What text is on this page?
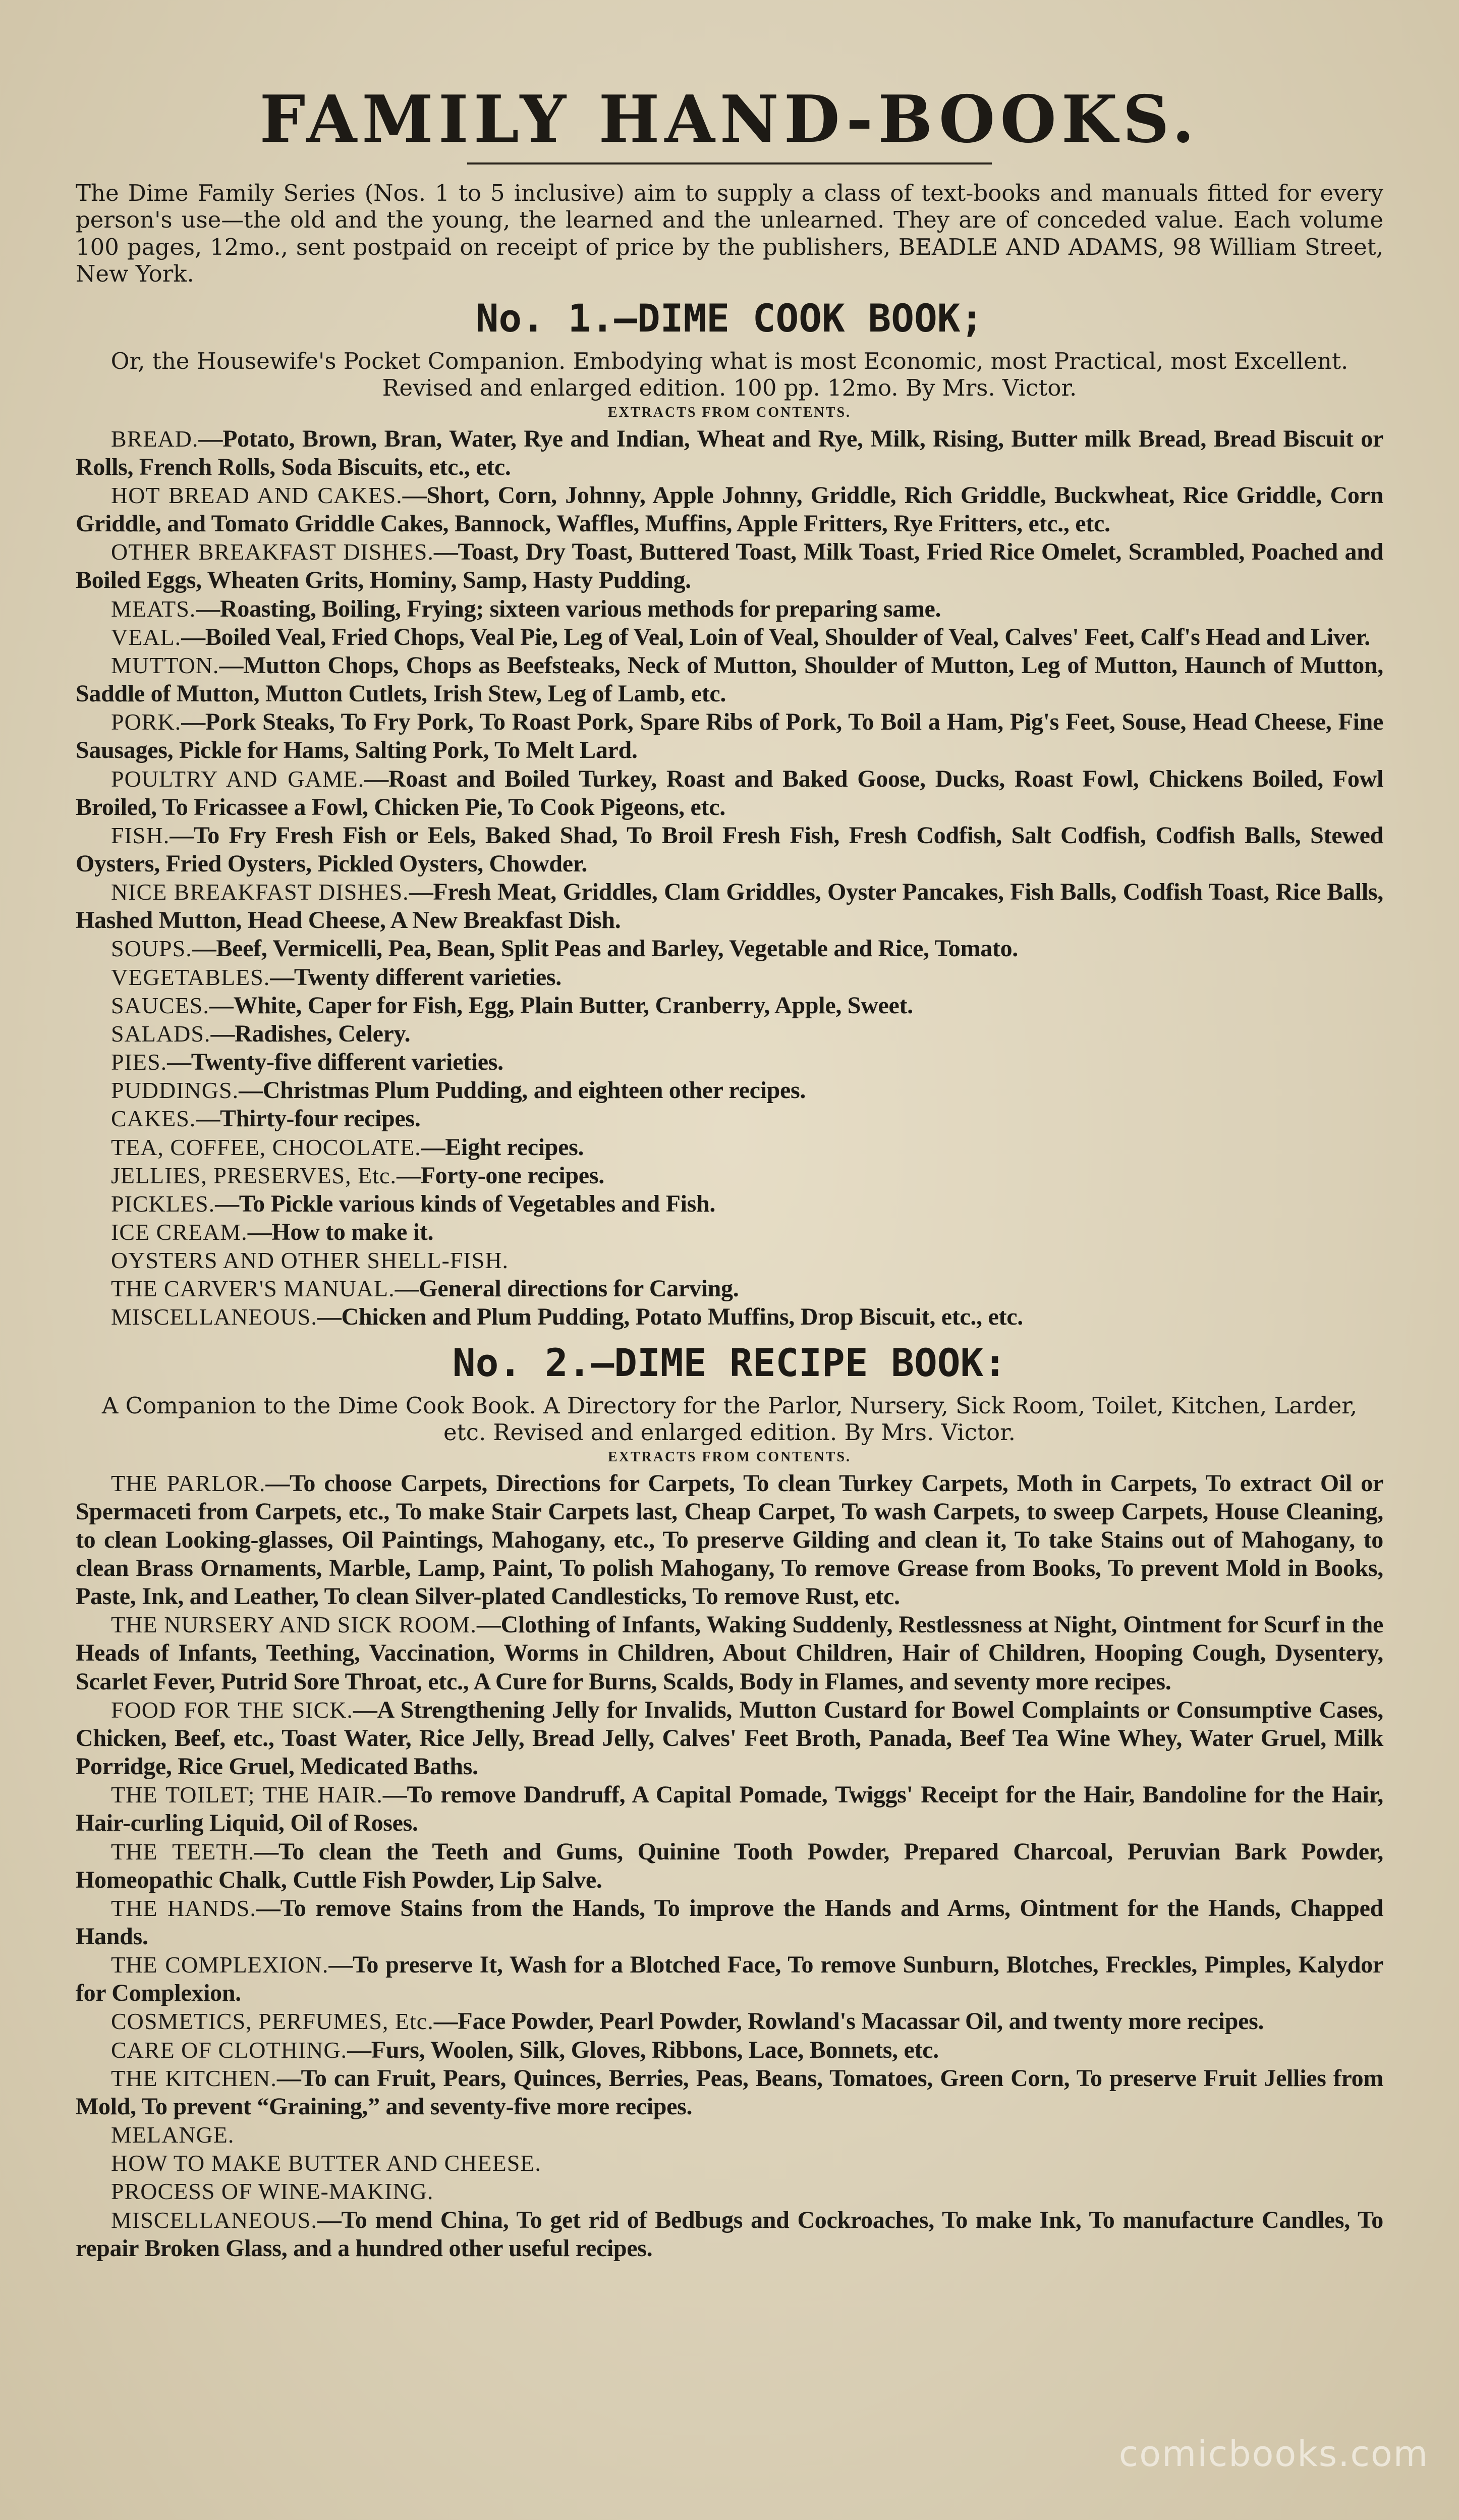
FAMILY HAND-BOOKS.

The Dime Family Series (Nos. 1 to 5 inclusive) aim to supply a class of text-books and manuals fitted for every person's use—the old and the young, the learned and the unlearned. They are of conceded value. Each volume 100 pages, 12mo., sent postpaid on receipt of price by the publishers, BEADLE AND ADAMS, 98 William Street, New York.

No. 1.—DIME COOK BOOK;

Or, the Housewife's Pocket Companion. Embodying what is most Economic, most Practical, most Excellent. Revised and enlarged edition. 100 pp. 12mo. By Mrs. Victor.

EXTRACTS FROM CONTENTS.

BREAD.—Potato, Brown, Bran, Water, Rye and Indian, Wheat and Rye, Milk, Rising, Butter milk Bread, Bread Biscuit or Rolls, French Rolls, Soda Biscuits, etc., etc.

HOT BREAD AND CAKES.—Short, Corn, Johnny, Apple Johnny, Griddle, Rich Griddle, Buckwheat, Rice Griddle, Corn Griddle, and Tomato Griddle Cakes, Bannock, Waffles, Muffins, Apple Fritters, Rye Fritters, etc., etc.

OTHER BREAKFAST DISHES.—Toast, Dry Toast, Buttered Toast, Milk Toast, Fried Rice Omelet, Scrambled, Poached and Boiled Eggs, Wheaten Grits, Hominy, Samp, Hasty Pudding.

MEATS.—Roasting, Boiling, Frying; sixteen various methods for preparing same.

VEAL.—Boiled Veal, Fried Chops, Veal Pie, Leg of Veal, Loin of Veal, Shoulder of Veal, Calves' Feet, Calf's Head and Liver.

MUTTON.—Mutton Chops, Chops as Beefsteaks, Neck of Mutton, Shoulder of Mutton, Leg of Mutton, Haunch of Mutton, Saddle of Mutton, Mutton Cutlets, Irish Stew, Leg of Lamb, etc.

PORK.—Pork Steaks, To Fry Pork, To Roast Pork, Spare Ribs of Pork, To Boil a Ham, Pig's Feet, Souse, Head Cheese, Fine Sausages, Pickle for Hams, Salting Pork, To Melt Lard.

POULTRY AND GAME.—Roast and Boiled Turkey, Roast and Baked Goose, Ducks, Roast Fowl, Chickens Boiled, Fowl Broiled, To Fricassee a Fowl, Chicken Pie, To Cook Pigeons, etc.

FISH.—To Fry Fresh Fish or Eels, Baked Shad, To Broil Fresh Fish, Fresh Codfish, Salt Codfish, Codfish Balls, Stewed Oysters, Fried Oysters, Pickled Oysters, Chowder.

NICE BREAKFAST DISHES.—Fresh Meat, Griddles, Clam Griddles, Oyster Pancakes, Fish Balls, Codfish Toast, Rice Balls, Hashed Mutton, Head Cheese, A New Breakfast Dish.

SOUPS.—Beef, Vermicelli, Pea, Bean, Split Peas and Barley, Vegetable and Rice, Tomato.

VEGETABLES.—Twenty different varieties.

SAUCES.—White, Caper for Fish, Egg, Plain Butter, Cranberry, Apple, Sweet.

SALADS.—Radishes, Celery.

PIES.—Twenty-five different varieties.

PUDDINGS.—Christmas Plum Pudding, and eighteen other recipes.

CAKES.—Thirty-four recipes.

TEA, COFFEE, CHOCOLATE.—Eight recipes.

JELLIES, PRESERVES, Etc.—Forty-one recipes.

PICKLES.—To Pickle various kinds of Vegetables and Fish.

ICE CREAM.—How to make it.

OYSTERS AND OTHER SHELL-FISH.

THE CARVER'S MANUAL.—General directions for Carving.

MISCELLANEOUS.—Chicken and Plum Pudding, Potato Muffins, Drop Biscuit, etc., etc.

No. 2.—DIME RECIPE BOOK:

A Companion to the Dime Cook Book. A Directory for the Parlor, Nursery, Sick Room, Toilet, Kitchen, Larder, etc. Revised and enlarged edition. By Mrs. Victor.

EXTRACTS FROM CONTENTS.

THE PARLOR.—To choose Carpets, Directions for Carpets, To clean Turkey Carpets, Moth in Carpets, To extract Oil or Spermaceti from Carpets, etc., To make Stair Carpets last, Cheap Carpet, To wash Carpets, to sweep Carpets, House Cleaning, to clean Looking-glasses, Oil Paintings, Mahogany, etc., To preserve Gilding and clean it, To take Stains out of Mahogany, to clean Brass Ornaments, Marble, Lamp, Paint, To polish Mahogany, To remove Grease from Books, To prevent Mold in Books, Paste, Ink, and Leather, To clean Silver-plated Candlesticks, To remove Rust, etc.

THE NURSERY AND SICK ROOM.—Clothing of Infants, Waking Suddenly, Restlessness at Night, Ointment for Scurf in the Heads of Infants, Teething, Vaccination, Worms in Children, About Children, Hair of Children, Hooping Cough, Dysentery, Scarlet Fever, Putrid Sore Throat, etc., A Cure for Burns, Scalds, Body in Flames, and seventy more recipes.

FOOD FOR THE SICK.—A Strengthening Jelly for Invalids, Mutton Custard for Bowel Complaints or Consumptive Cases, Chicken, Beef, etc., Toast Water, Rice Jelly, Bread Jelly, Calves' Feet Broth, Panada, Beef Tea Wine Whey, Water Gruel, Milk Porridge, Rice Gruel, Medicated Baths.

THE TOILET; THE HAIR.—To remove Dandruff, A Capital Pomade, Twiggs' Receipt for the Hair, Bandoline for the Hair, Hair-curling Liquid, Oil of Roses.

THE TEETH.—To clean the Teeth and Gums, Quinine Tooth Powder, Prepared Charcoal, Peruvian Bark Powder, Homeopathic Chalk, Cuttle Fish Powder, Lip Salve.

THE HANDS.—To remove Stains from the Hands, To improve the Hands and Arms, Ointment for the Hands, Chapped Hands.

THE COMPLEXION.—To preserve It, Wash for a Blotched Face, To remove Sunburn, Blotches, Freckles, Pimples, Kalydor for Complexion.

COSMETICS, PERFUMES, Etc.—Face Powder, Pearl Powder, Rowland's Macassar Oil, and twenty more recipes.

CARE OF CLOTHING.—Furs, Woolen, Silk, Gloves, Ribbons, Lace, Bonnets, etc.

THE KITCHEN.—To can Fruit, Pears, Quinces, Berries, Peas, Beans, Tomatoes, Green Corn, To preserve Fruit Jellies from Mold, To prevent “Graining,” and seventy-five more recipes.

MELANGE.

HOW TO MAKE BUTTER AND CHEESE.

PROCESS OF WINE-MAKING.

MISCELLANEOUS.—To mend China, To get rid of Bedbugs and Cockroaches, To make Ink, To manufacture Candles, To repair Broken Glass, and a hundred other useful recipes.

comicbooks.com
